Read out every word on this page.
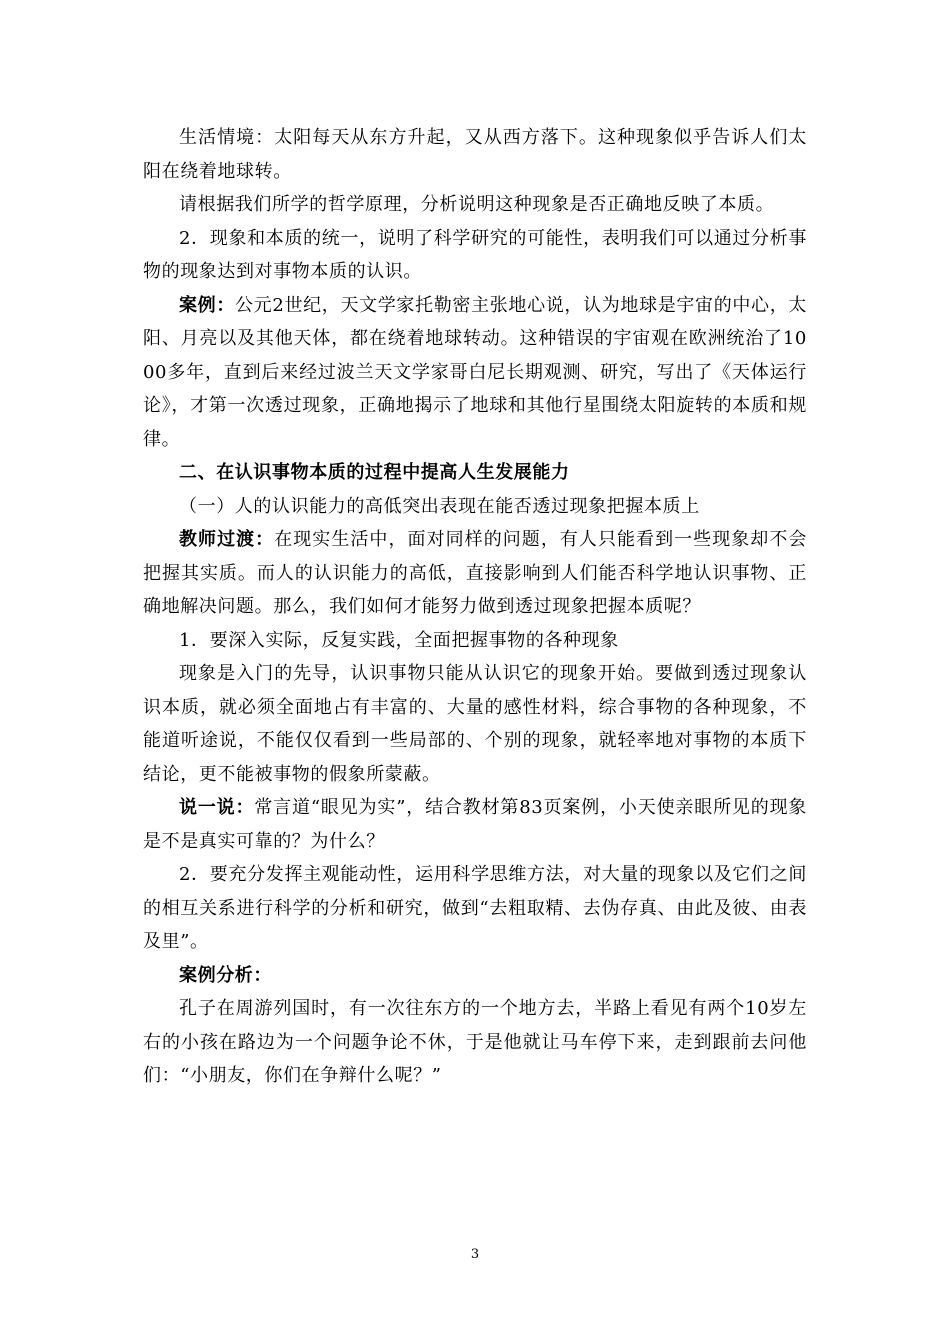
生活情境：太阳每天从东方升起，又从西方落下。这种现象似乎告诉人们太阳在绕着地球转。

请根据我们所学的哲学原理，分析说明这种现象是否正确地反映了本质。

2．现象和本质的统一，说明了科学研究的可能性，表明我们可以通过分析事物的现象达到对事物本质的认识。

案例：公元2世纪，天文学家托勒密主张地心说，认为地球是宇宙的中心，太阳、月亮以及其他天体，都在绕着地球转动。这种错误的宇宙观在欧洲统治了1000多年，直到后来经过波兰天文学家哥白尼长期观测、研究，写出了《天体运行论》，才第一次透过现象，正确地揭示了地球和其他行星围绕太阳旋转的本质和规律。

二、在认识事物本质的过程中提高人生发展能力

（一）人的认识能力的高低突出表现在能否透过现象把握本质上

教师过渡：在现实生活中，面对同样的问题，有人只能看到一些现象却不会把握其实质。而人的认识能力的高低，直接影响到人们能否科学地认识事物、正确地解决问题。那么，我们如何才能努力做到透过现象把握本质呢？

1．要深入实际，反复实践，全面把握事物的各种现象

现象是入门的先导，认识事物只能从认识它的现象开始。要做到透过现象认识本质，就必须全面地占有丰富的、大量的感性材料，综合事物的各种现象，不能道听途说，不能仅仅看到一些局部的、个别的现象，就轻率地对事物的本质下结论，更不能被事物的假象所蒙蔽。

说一说：常言道“眼见为实”，结合教材第83页案例，小天使亲眼所见的现象是不是真实可靠的？为什么？

2．要充分发挥主观能动性，运用科学思维方法，对大量的现象以及它们之间的相互关系进行科学的分析和研究，做到“去粗取精、去伪存真、由此及彼、由表及里”。

案例分析：

孔子在周游列国时，有一次往东方的一个地方去，半路上看见有两个10岁左右的小孩在路边为一个问题争论不休，于是他就让马车停下来，走到跟前去问他们：“小朋友，你们在争辩什么呢？”

3
